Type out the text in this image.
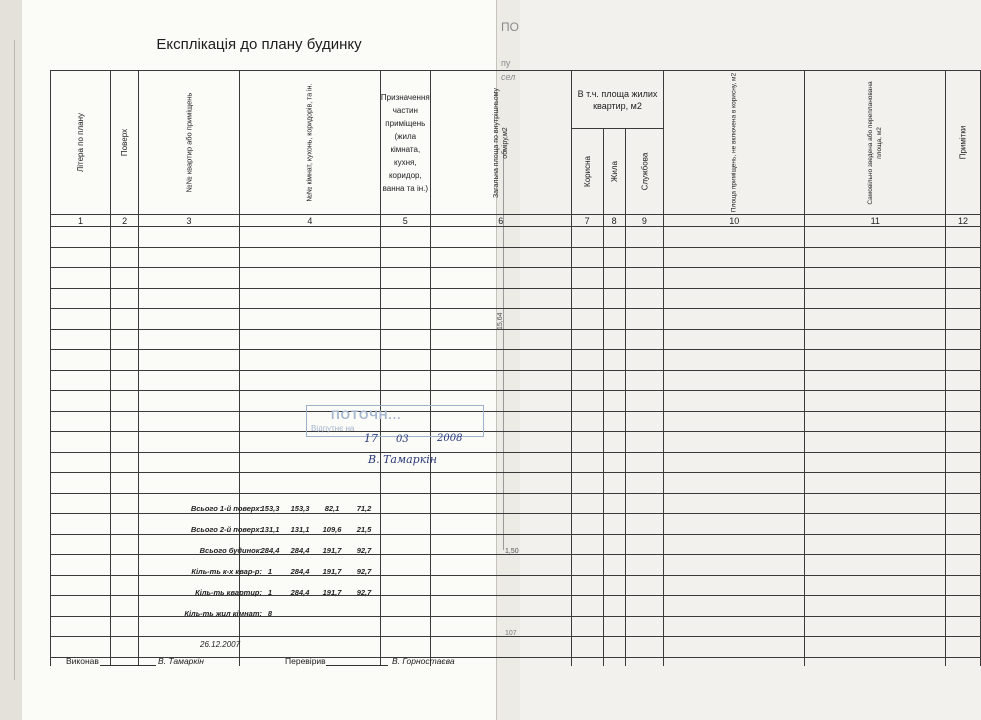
ПО
пу
сел
15,64
1,50
107
Експлікація до плану будинку
Літера по плану	Поверх	№№ квартир або приміщень	№№ кімнат, кухонь, коридорів, та ін.	Призначення частин приміщень (жила кімната, кухня, коридор, ванна та ін.)	Загальна площа по внутрішньому обміру,м2	В т.ч. площа жилих квартир, м2			Площа приміщень, не включена в корисну, м2	Самовільно зведена або перепланована площа, м2	Примітки

						Корисна	Жила	Службова			

1	2	3	4	5	6	7	8	9	10	11	12

ПОТОЧН...
Відпутнє на
17 03	2008
В. Тамаркін
Всього 1-й поверх:
153,3	153,3	82,1	71,2
Всього 2-й поверх:
131,1	131,1	109,6	21,5
Всього будинок:
284,4	284,4	191,7	92,7
Кіль-ть к-х квар-р: 1	284,4	191,7	92,7
Кіль-ть квартир: 1	284,4	191,7	92,7
Кіль-ть жил кімнат: 8
26.12.2007
Виконав	В. Тамаркін	Перевірив	В. Горностаєва
